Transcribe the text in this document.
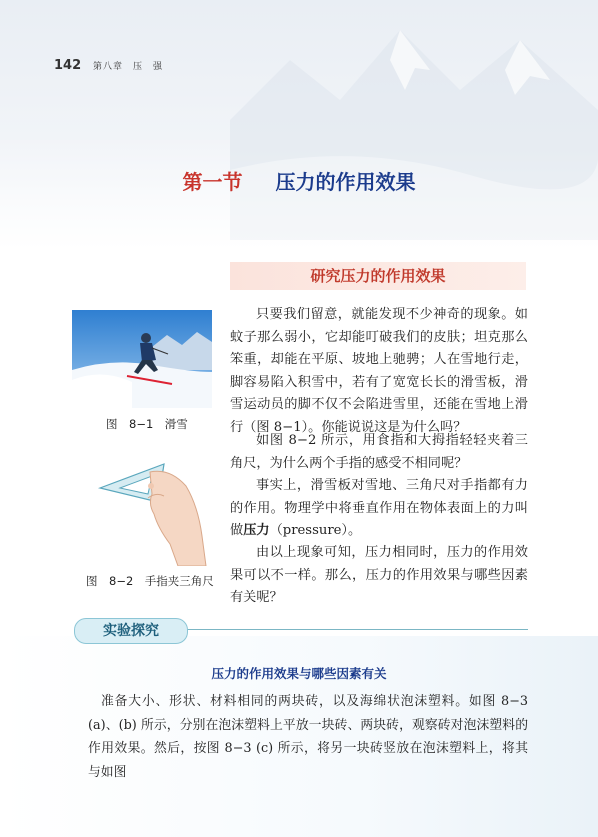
142 第八章　压　强
第一节 压力的作用效果
研究压力的作用效果
图　8−1　滑雪
图　8−2　手指夹三角尺
只要我们留意，就能发现不少神奇的现象。如蚊子那么弱小，它却能叮破我们的皮肤；坦克那么笨重，却能在平原、坡地上驰骋；人在雪地行走，脚容易陷入积雪中，若有了宽宽长长的滑雪板，滑雪运动员的脚不仅不会陷进雪里，还能在雪地上滑行（图 8−1）。你能说说这是为什么吗？
如图 8−2 所示，用食指和大拇指轻轻夹着三角尺，为什么两个手指的感受不相同呢？
事实上，滑雪板对雪地、三角尺对手指都有力的作用。物理学中将垂直作用在物体表面上的力叫做压力（pressure）。
由以上现象可知，压力相同时，压力的作用效果可以不一样。那么，压力的作用效果与哪些因素有关呢？
实验探究
压力的作用效果与哪些因素有关
准备大小、形状、材料相同的两块砖，以及海绵状泡沫塑料。如图 8−3 (a)、(b) 所示，分别在泡沫塑料上平放一块砖、两块砖，观察砖对泡沫塑料的作用效果。然后，按图 8−3 (c) 所示，将另一块砖竖放在泡沫塑料上，将其与如图
